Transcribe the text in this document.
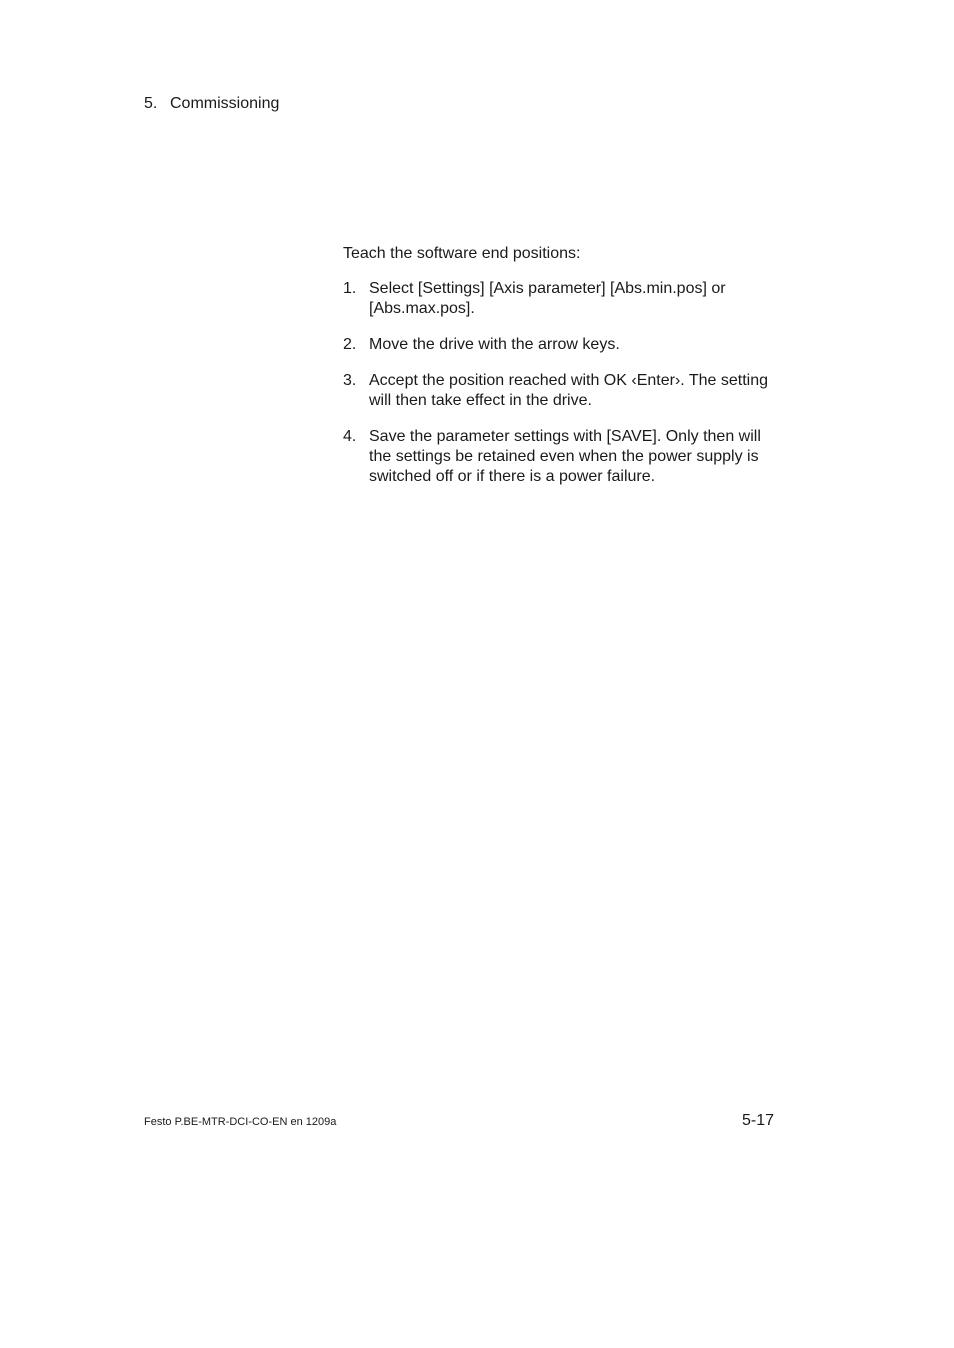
5. Commissioning

Teach the software end positions:

1. Select [Settings] [Axis parameter] [Abs.min.pos] or [Abs.max.pos].
2. Move the drive with the arrow keys.
3. Accept the position reached with OK ‹Enter›. The setting will then take effect in the drive.
4. Save the parameter settings with [SAVE]. Only then will the settings be retained even when the power supply is switched off or if there is a power failure.
Festo P.BE-MTR-DCI-CO-EN en 1209a	5-17
